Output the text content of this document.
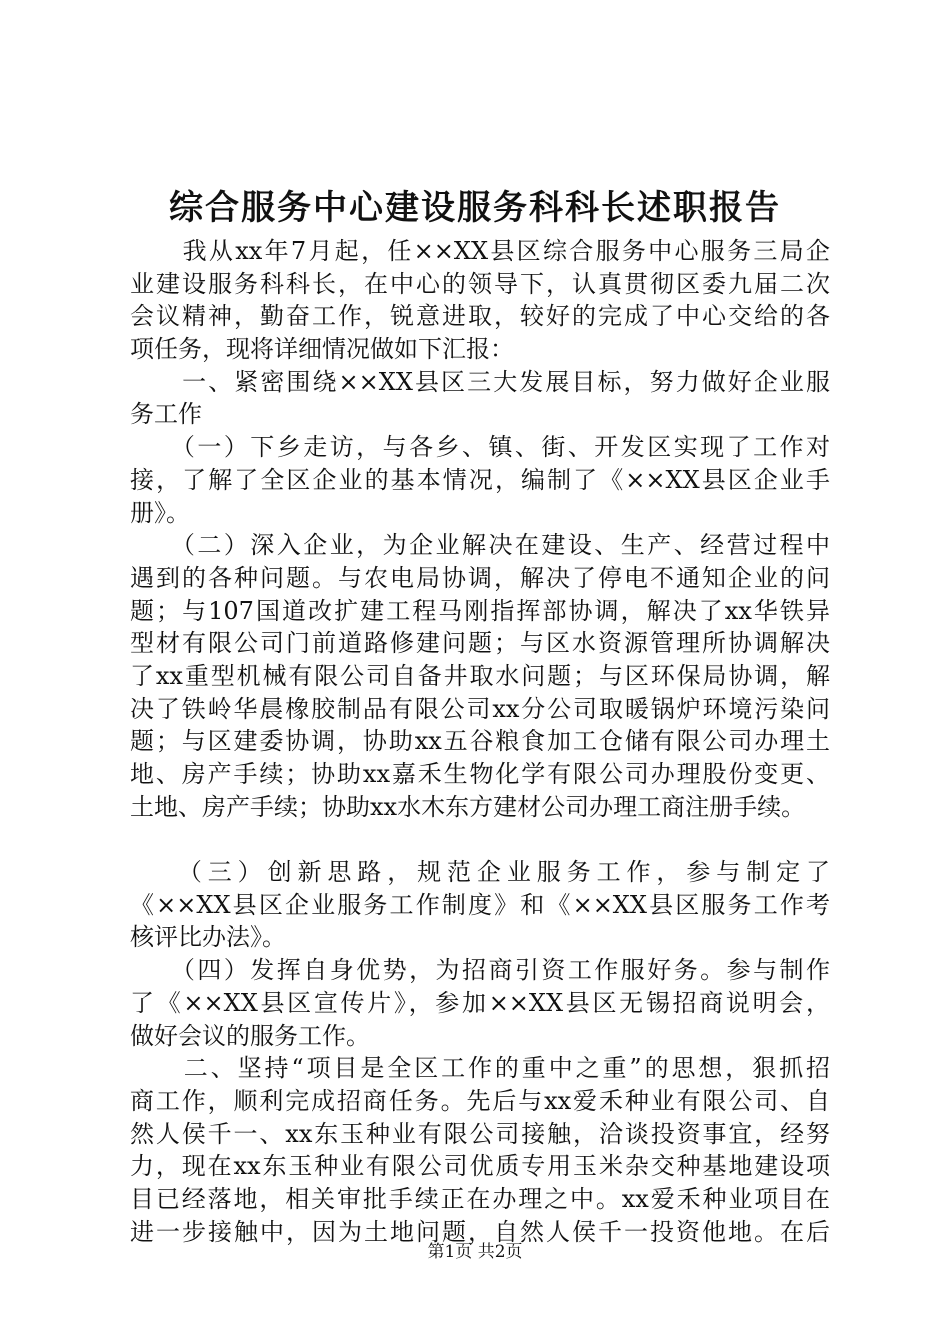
综合服务中心建设服务科科长述职报告
　　我从xx年7月起，任××XX县区综合服务中心服务三局企
业建设服务科科长，在中心的领导下，认真贯彻区委九届二次
会议精神，勤奋工作，锐意进取，较好的完成了中心交给的各
项任务，现将详细情况做如下汇报：
　　一、紧密围绕××XX县区三大发展目标，努力做好企业服
务工作
　　（一）下乡走访，与各乡、镇、街、开发区实现了工作对
接，了解了全区企业的基本情况，编制了《××XX县区企业手
册》。
　　（二）深入企业，为企业解决在建设、生产、经营过程中
遇到的各种问题。与农电局协调，解决了停电不通知企业的问
题；与107国道改扩建工程马刚指挥部协调，解决了xx华铁异
型材有限公司门前道路修建问题；与区水资源管理所协调解决
了xx重型机械有限公司自备井取水问题；与区环保局协调，解
决了铁岭华晨橡胶制品有限公司xx分公司取暖锅炉环境污染问
题；与区建委协调，协助xx五谷粮食加工仓储有限公司办理土
地、房产手续；协助xx嘉禾生物化学有限公司办理股份变更、
土地、房产手续；协助xx水木东方建材公司办理工商注册手续。
　　（三）创新思路，规范企业服务工作，参与制定了
《××XX县区企业服务工作制度》和《××XX县区服务工作考
核评比办法》。
　　（四）发挥自身优势，为招商引资工作服好务。参与制作
了《××XX县区宣传片》，参加××XX县区无锡招商说明会，
做好会议的服务工作。
　　二、坚持“项目是全区工作的重中之重”的思想，狠抓招
商工作，顺利完成招商任务。先后与xx爱禾种业有限公司、自
然人侯千一、xx东玉种业有限公司接触，洽谈投资事宜，经努
力，现在xx东玉种业有限公司优质专用玉米杂交种基地建设项
目已经落地，相关审批手续正在办理之中。xx爱禾种业项目在
进一步接触中，因为土地问题，自然人侯千一投资他地。在后
第1页 共2页
